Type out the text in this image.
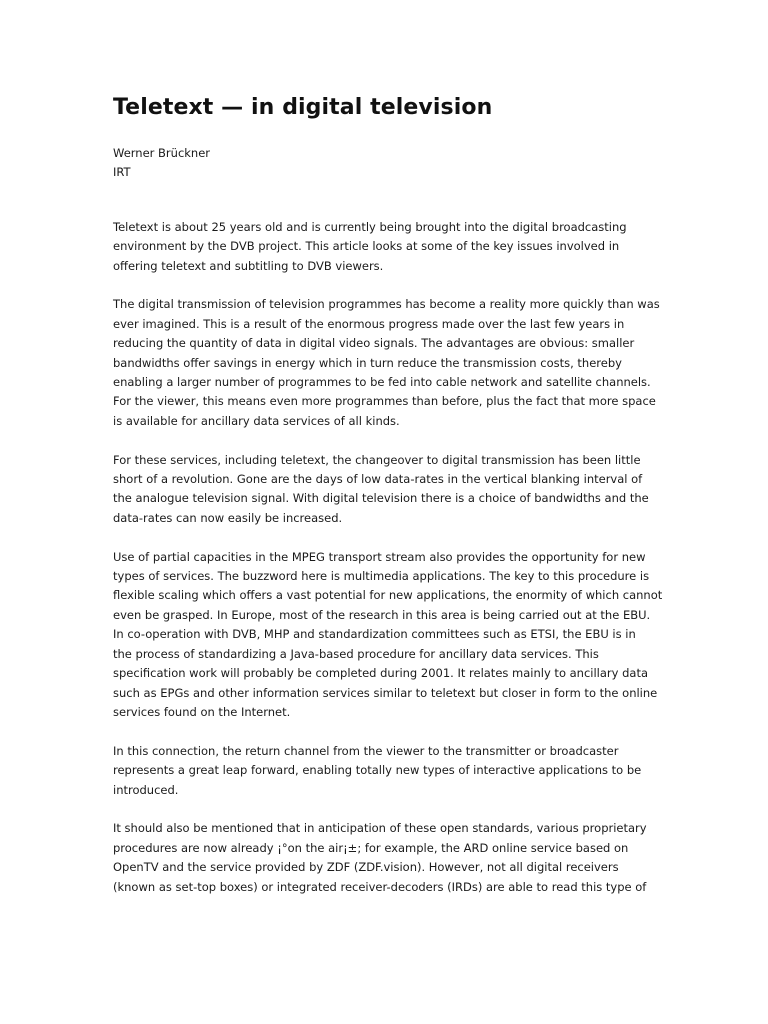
Teletext — in digital television
Werner Brückner
IRT

Teletext is about 25 years old and is currently being brought into the digital broadcasting
environment by the DVB project. This article looks at some of the key issues involved in
offering teletext and subtitling to DVB viewers.

The digital transmission of television programmes has become a reality more quickly than was
ever imagined. This is a result of the enormous progress made over the last few years in
reducing the quantity of data in digital video signals. The advantages are obvious: smaller
bandwidths offer savings in energy which in turn reduce the transmission costs, thereby
enabling a larger number of programmes to be fed into cable network and satellite channels.
For the viewer, this means even more programmes than before, plus the fact that more space
is available for ancillary data services of all kinds.

For these services, including teletext, the changeover to digital transmission has been little
short of a revolution. Gone are the days of low data-rates in the vertical blanking interval of
the analogue television signal. With digital television there is a choice of bandwidths and the
data-rates can now easily be increased.

Use of partial capacities in the MPEG transport stream also provides the opportunity for new
types of services. The buzzword here is multimedia applications. The key to this procedure is
flexible scaling which offers a vast potential for new applications, the enormity of which cannot
even be grasped. In Europe, most of the research in this area is being carried out at the EBU.
In co-operation with DVB, MHP and standardization committees such as ETSI, the EBU is in
the process of standardizing a Java-based procedure for ancillary data services. This
specification work will probably be completed during 2001. It relates mainly to ancillary data
such as EPGs and other information services similar to teletext but closer in form to the online
services found on the Internet.

In this connection, the return channel from the viewer to the transmitter or broadcaster
represents a great leap forward, enabling totally new types of interactive applications to be
introduced.

It should also be mentioned that in anticipation of these open standards, various proprietary
procedures are now already ¡°on the air¡±; for example, the ARD online service based on
OpenTV and the service provided by ZDF (ZDF.vision). However, not all digital receivers
(known as set-top boxes) or integrated receiver-decoders (IRDs) are able to read this type of
